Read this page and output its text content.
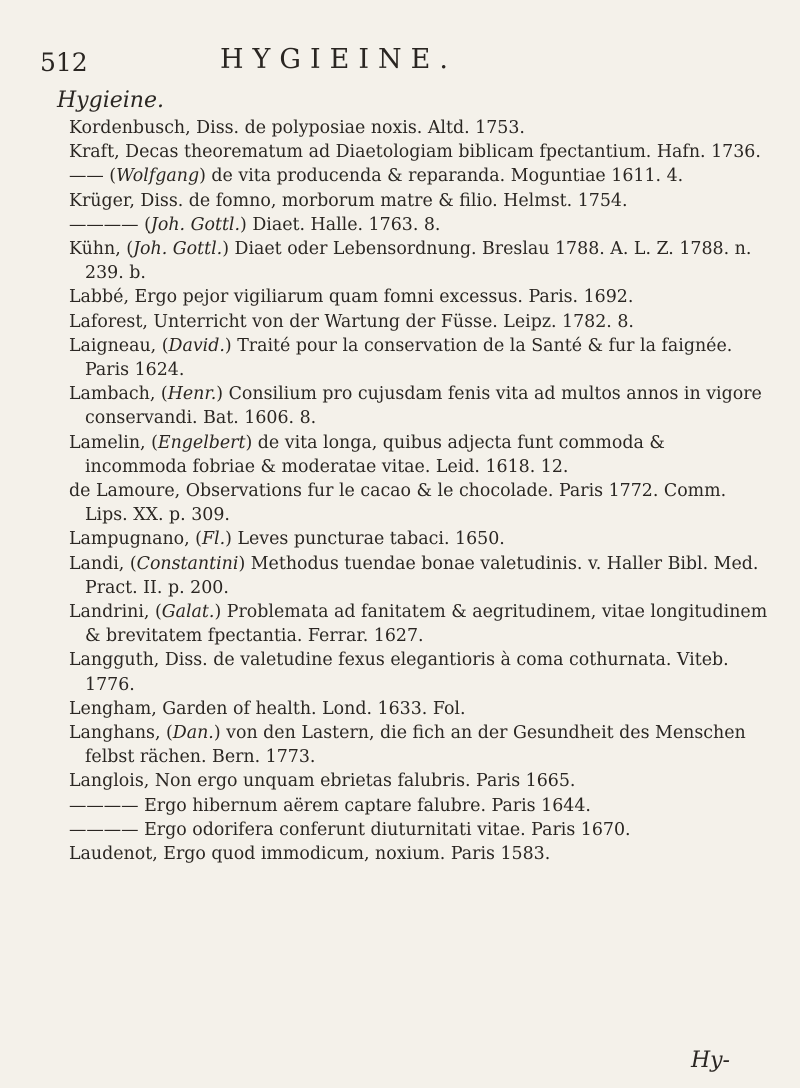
512	HYGIEINE.
Hygieine.
Kordenbusch, Diss. de polyposiae noxis. Altd. 1753.
Kraft, Decas theorematum ad Diaetologiam biblicam fpectantium. Hafn. 1736.
—— (Wolfgang) de vita producenda & reparanda. Moguntiae 1611. 4.
Krüger, Diss. de fomno, morborum matre & filio. Helmst. 1754.
———— (Joh. Gottl.) Diaet. Halle. 1763. 8.
Kühn, (Joh. Gottl.) Diaet oder Lebensordnung. Breslau 1788. A. L. Z. 1788. n. 239. b.
Labbé, Ergo pejor vigiliarum quam fomni excessus. Paris. 1692.
Laforest, Unterricht von der Wartung der Füsse. Leipz. 1782. 8.
Laigneau, (David.) Traité pour la conservation de la Santé & fur la faignée. Paris 1624.
Lambach, (Henr.) Consilium pro cujusdam fenis vita ad multos annos in vigore conservandi. Bat. 1606. 8.
Lamelin, (Engelbert) de vita longa, quibus adjecta funt commoda & incommoda fobriae & moderatae vitae. Leid. 1618. 12.
de Lamoure, Observations fur le cacao & le chocolade. Paris 1772. Comm. Lips. XX. p. 309.
Lampugnano, (Fl.) Leves puncturae tabaci. 1650.
Landi, (Constantini) Methodus tuendae bonae valetudinis. v. Haller Bibl. Med. Pract. II. p. 200.
Landrini, (Galat.) Problemata ad fanitatem & aegritudinem, vitae longitudinem & brevitatem fpectantia. Ferrar. 1627.
Langguth, Diss. de valetudine fexus elegantioris à coma cothurnata. Viteb. 1776.
Lengham, Garden of health. Lond. 1633. Fol.
Langhans, (Dan.) von den Lastern, die fich an der Gesundheit des Menschen felbst rächen. Bern. 1773.
Langlois, Non ergo unquam ebrietas falubris. Paris 1665.
———— Ergo hibernum aërem captare falubre. Paris 1644.
———— Ergo odorifera conferunt diuturnitati vitae. Paris 1670.
Laudenot, Ergo quod immodicum, noxium. Paris 1583.
Hy-
